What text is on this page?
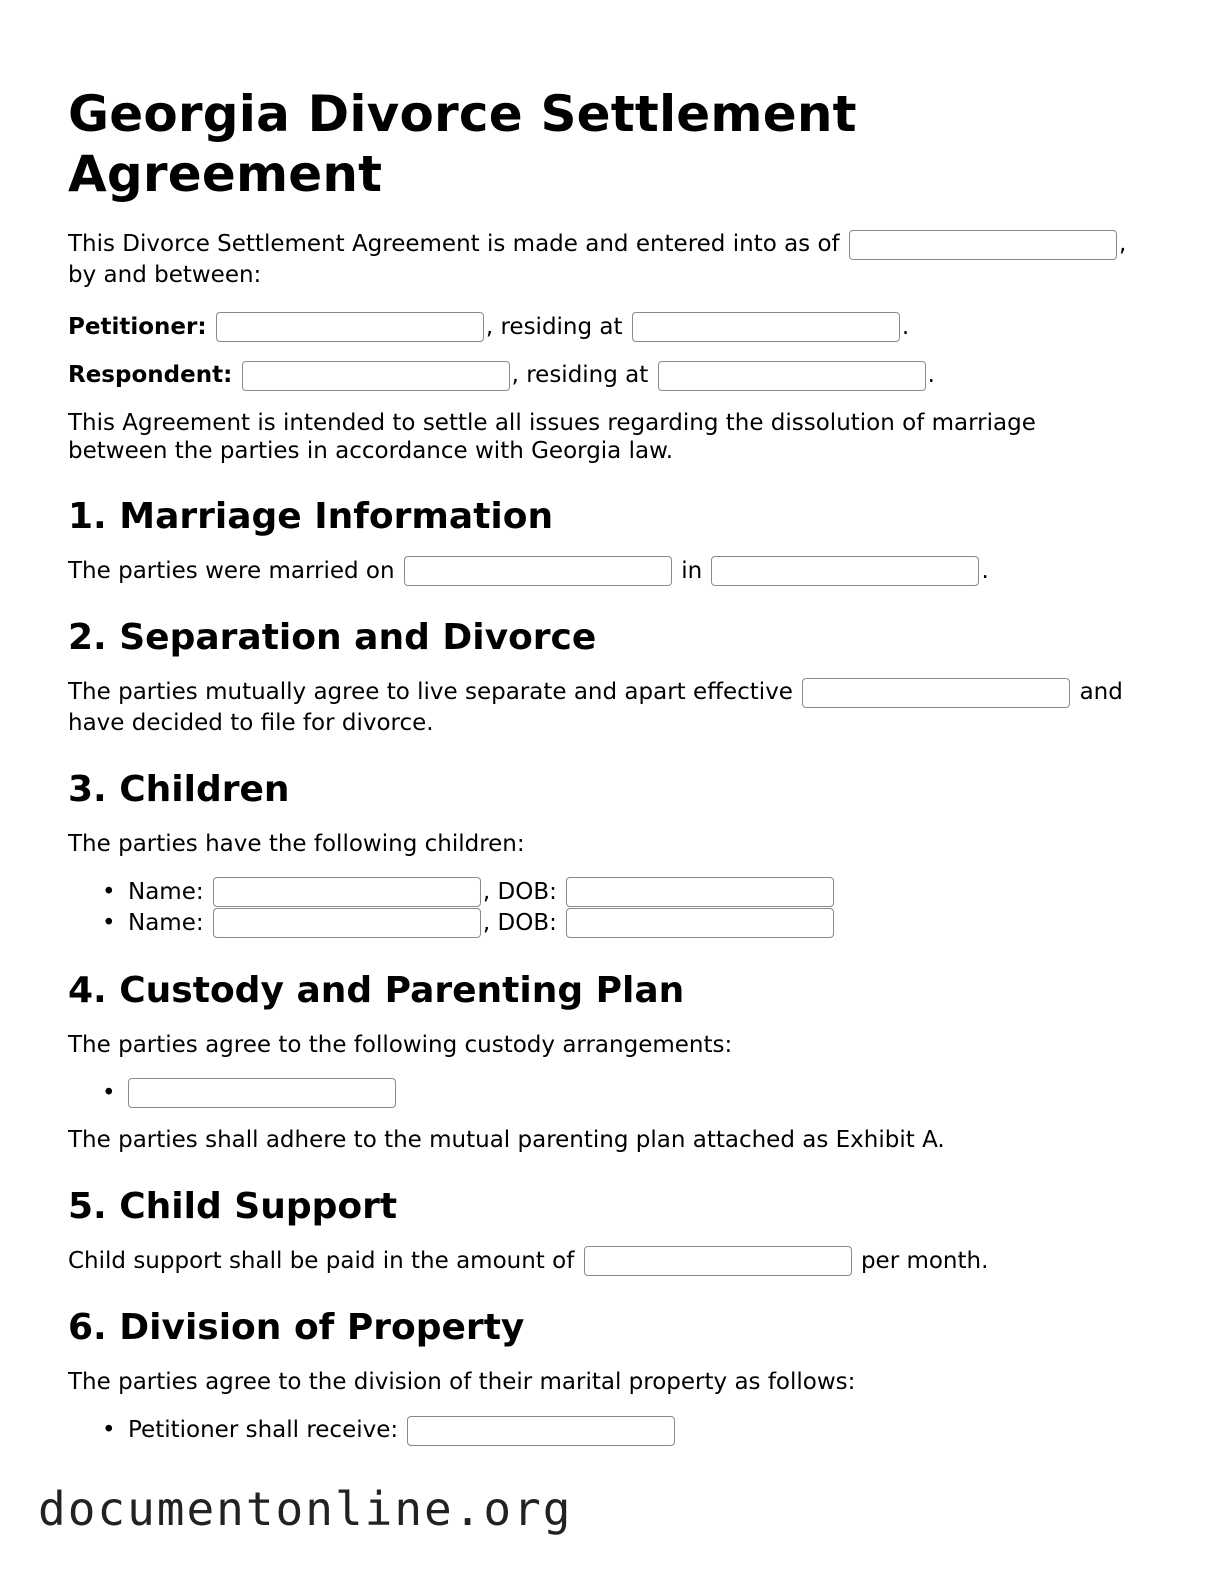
Georgia Divorce Settlement Agreement

This Divorce Settlement Agreement is made and entered into as of	,
by and between:

Petitioner:	, residing at	.

Respondent:	, residing at	.

This Agreement is intended to settle all issues regarding the dissolution of marriage between the parties in accordance with Georgia law.

1. Marriage Information

The parties were married on	in	.

2. Separation and Divorce

The parties mutually agree to live separate and apart effective	and have decided to file for divorce.

3. Children

The parties have the following children:

• Name:	, DOB:
• Name:	, DOB:
4. Custody and Parenting Plan

The parties agree to the following custody arrangements:

•

The parties shall adhere to the mutual parenting plan attached as Exhibit A.

5. Child Support

Child support shall be paid in the amount of	per month.

6. Division of Property

The parties agree to the division of their marital property as follows:

• Petitioner shall receive:
documentonline.org
